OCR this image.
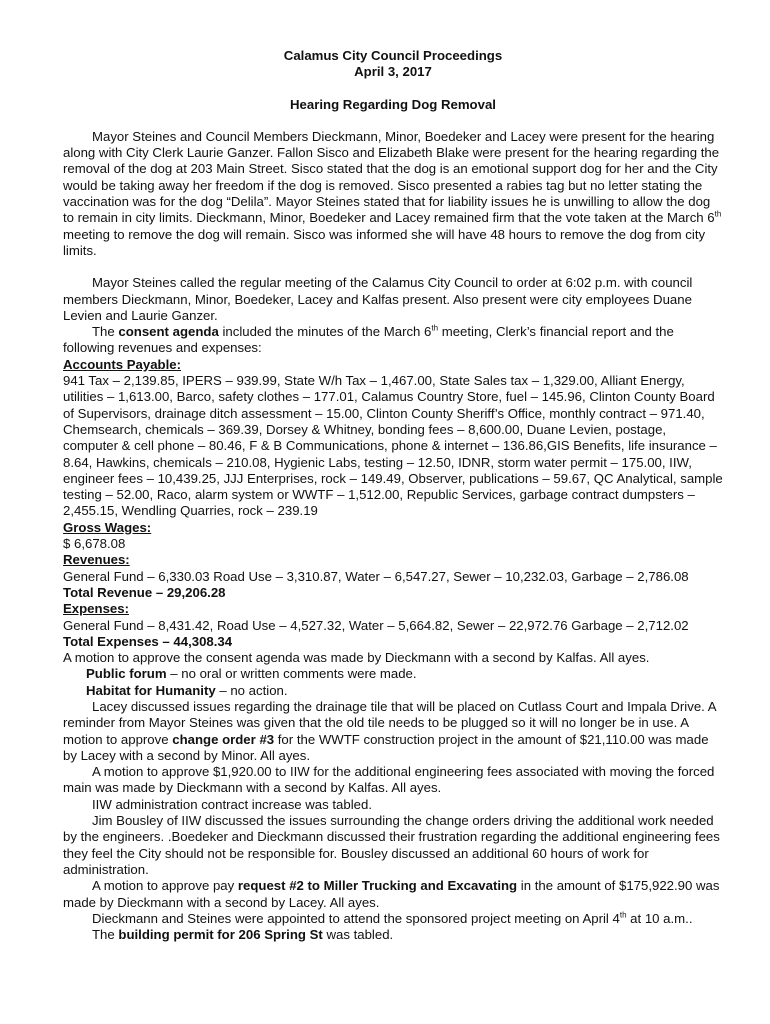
Calamus City Council Proceedings

April 3, 2017

Hearing Regarding Dog Removal

Mayor Steines and Council Members Dieckmann, Minor, Boedeker and Lacey were present for the hearing along with City Clerk Laurie Ganzer. Fallon Sisco and Elizabeth Blake were present for the hearing regarding the removal of the dog at 203 Main Street. Sisco stated that the dog is an emotional support dog for her and the City would be taking away her freedom if the dog is removed. Sisco presented a rabies tag but no letter stating the vaccination was for the dog “Delila”. Mayor Steines stated that for liability issues he is unwilling to allow the dog to remain in city limits. Dieckmann, Minor, Boedeker and Lacey remained firm that the vote taken at the March 6th meeting to remove the dog will remain. Sisco was informed she will have 48 hours to remove the dog from city limits.

Mayor Steines called the regular meeting of the Calamus City Council to order at 6:02 p.m. with council members Dieckmann, Minor, Boedeker, Lacey and Kalfas present. Also present were city employees Duane Levien and Laurie Ganzer.

The consent agenda included the minutes of the March 6th meeting, Clerk’s financial report and the following revenues and expenses:

Accounts Payable:

941 Tax – 2,139.85, IPERS – 939.99, State W/h Tax – 1,467.00, State Sales tax – 1,329.00, Alliant Energy, utilities – 1,613.00, Barco, safety clothes – 177.01, Calamus Country Store, fuel – 145.96, Clinton County Board of Supervisors, drainage ditch assessment – 15.00, Clinton County Sheriff’s Office, monthly contract – 971.40, Chemsearch, chemicals – 369.39, Dorsey & Whitney, bonding fees – 8,600.00, Duane Levien, postage, computer & cell phone – 80.46, F & B Communications, phone & internet – 136.86,GIS Benefits, life insurance – 8.64, Hawkins, chemicals – 210.08, Hygienic Labs, testing – 12.50, IDNR, storm water permit – 175.00, IIW, engineer fees – 10,439.25, JJJ Enterprises, rock – 149.49, Observer, publications – 59.67, QC Analytical, sample testing – 52.00, Raco, alarm system or WWTF – 1,512.00, Republic Services, garbage contract dumpsters – 2,455.15, Wendling Quarries, rock – 239.19

Gross Wages:

$ 6,678.08

Revenues:

General Fund – 6,330.03 Road Use – 3,310.87, Water – 6,547.27, Sewer – 10,232.03, Garbage – 2,786.08

Total Revenue – 29,206.28

Expenses:

General Fund – 8,431.42, Road Use – 4,527.32, Water – 5,664.82, Sewer – 22,972.76 Garbage – 2,712.02

Total Expenses – 44,308.34

A motion to approve the consent agenda was made by Dieckmann with a second by Kalfas. All ayes.

Public forum – no oral or written comments were made.

Habitat for Humanity – no action.

Lacey discussed issues regarding the drainage tile that will be placed on Cutlass Court and Impala Drive. A reminder from Mayor Steines was given that the old tile needs to be plugged so it will no longer be in use. A motion to approve change order #3 for the WWTF construction project in the amount of $21,110.00 was made by Lacey with a second by Minor. All ayes.

A motion to approve $1,920.00 to IIW for the additional engineering fees associated with moving the forced main was made by Dieckmann with a second by Kalfas. All ayes.

IIW administration contract increase was tabled.

Jim Bousley of IIW discussed the issues surrounding the change orders driving the additional work needed by the engineers. .Boedeker and Dieckmann discussed their frustration regarding the additional engineering fees they feel the City should not be responsible for. Bousley discussed an additional 60 hours of work for administration.

A motion to approve pay request #2 to Miller Trucking and Excavating in the amount of $175,922.90 was made by Dieckmann with a second by Lacey. All ayes.

Dieckmann and Steines were appointed to attend the sponsored project meeting on April 4th at 10 a.m..

The building permit for 206 Spring St was tabled.
